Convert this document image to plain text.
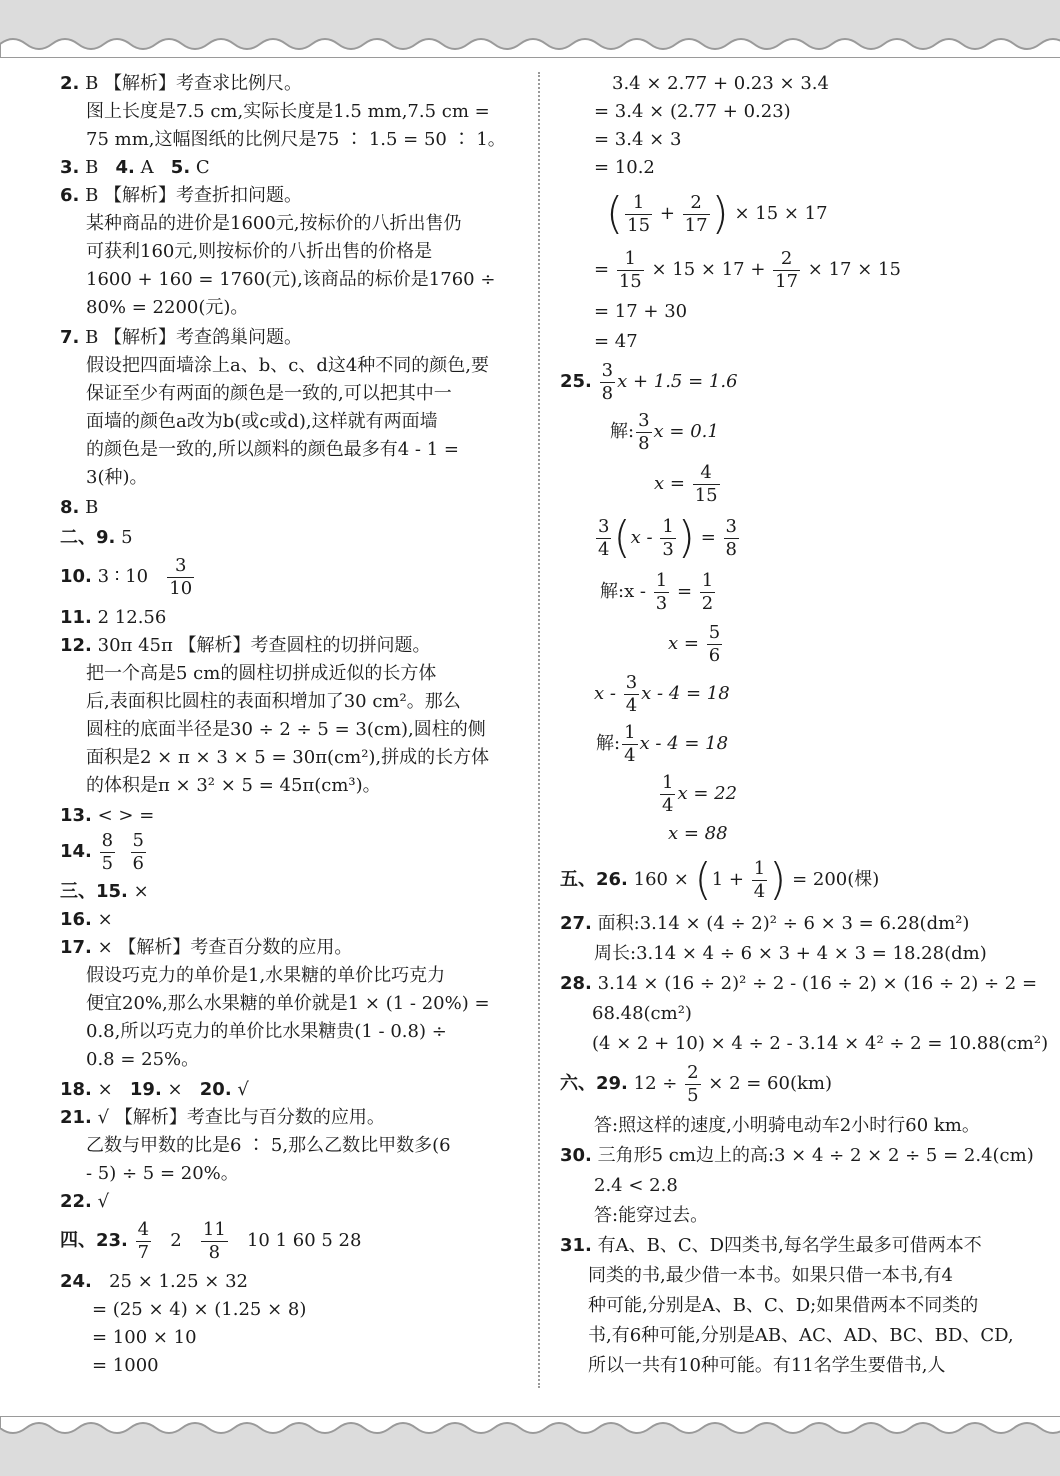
2. B 【解析】考查求比例尺。
图上长度是7.5 cm,实际长度是1.5 mm,7.5 cm =
75 mm,这幅图纸的比例尺是75 ∶ 1.5 = 50 ∶ 1。
3. B 4. A 5. C
6. B 【解析】考查折扣问题。
某种商品的进价是1600元,按标价的八折出售仍
可获利160元,则按标价的八折出售的价格是
1600 + 160 = 1760(元),该商品的标价是1760 ÷
80% = 2200(元)。
7. B 【解析】考查鸽巢问题。
假设把四面墙涂上a、b、c、d这4种不同的颜色,要
保证至少有两面的颜色是一致的,可以把其中一
面墙的颜色a改为b(或c或d),这样就有两面墙
的颜色是一致的,所以颜料的颜色最多有4 - 1 =
3(种)。
8. B
二、9. 5
10. 3 ∶ $10 \frac{3}{10}$
11. 2 12.56
12. 30π 45π 【解析】考查圆柱的切拼问题。
把一个高是5 cm的圆柱切拼成近似的长方体
后,表面积比圆柱的表面积增加了30 cm²。那么
圆柱的底面半径是30 ÷ 2 ÷ 5 = 3(cm),圆柱的侧
面积是2 × π × 3 × 5 = 30π(cm²),拼成的长方体
的体积是π × 3² × 5 = 45π(cm³)。
13. < > =
14. $\frac{8}{5}$
$\frac{5}{6}$
三、15. ×
16. ×
17. × 【解析】考查百分数的应用。
假设巧克力的单价是1,水果糖的单价比巧克力
便宜20%,那么水果糖的单价就是1 × (1 - 20%) =
0.8,所以巧克力的单价比水果糖贵(1 - 0.8) ÷
0.8 = 25%。
18. × 19. × 20. √
21. √ 【解析】考查比与百分数的应用。
乙数与甲数的比是6 ∶ 5,那么乙数比甲数多(6
- 5) ÷ 5 = 20%。
22. √
四、23. $\frac{4}{7} 2 \frac{11}{8} 10$ 1 60 5 28
24. 25 × 1.25 × 32
= (25 × 4) × (1.25 × 8)
= 100 × 10
= 1000
3.4 × 2.77 + 0.23 × 3.4
= 3.4 × (2.77 + 0.23)
= 3.4 × 3
= 10.2
( $\frac{1}{15} + \frac{2}{17}$ ) × 15 × 17
= $\frac{1}{15} \times 15 \times 17 + \frac{2}{17} \times 17 \times 15$
= 17 + 30
= 47
25. $\frac{3}{8}$ x + 1.5 = 1.6
解: $\frac{3}{8}$ x = 0.1
$x = \frac{4}{15}$
$\frac{3}{4} (x - \frac{1}{3}$ ) = $\frac{3}{8}$
解:x - $\frac{1}{3} = \frac{1}{2}$
$x = \frac{5}{6}$
x - $\frac{3}{4}$ x - 4 = 18
解: $\frac{1}{4}$ x - 4 = 18
$\frac{1}{4}$ x = 22
x = 88
五、26. $160 \times (1 + \frac{1}{4}$ ) = 200(棵)
27. 面积:3.14 × (4 ÷ 2)² ÷ 6 × 3 = 6.28(dm²)
周长:3.14 × 4 ÷ 6 × 3 + 4 × 3 = 18.28(dm)
28. 3.14 × (16 ÷ 2)² ÷ 2 - (16 ÷ 2) × (16 ÷ 2) ÷ 2 =
68.48(cm²)
(4 × 2 + 10) × 4 ÷ 2 - 3.14 × 4² ÷ 2 = 10.88(cm²)
六、29. $12 \div \frac{2}{5} \times 2 = 60(km)$
答:照这样的速度,小明骑电动车2小时行60 km。
30. 三角形5 cm边上的高:3 × 4 ÷ 2 × 2 ÷ 5 = 2.4(cm)
2.4 < 2.8
答:能穿过去。
31. 有A、B、C、D四类书,每名学生最多可借两本不
同类的书,最少借一本书。如果只借一本书,有4
种可能,分别是A、B、C、D;如果借两本不同类的
书,有6种可能,分别是AB、AC、AD、BC、BD、CD,
所以一共有10种可能。有11名学生要借书,人
